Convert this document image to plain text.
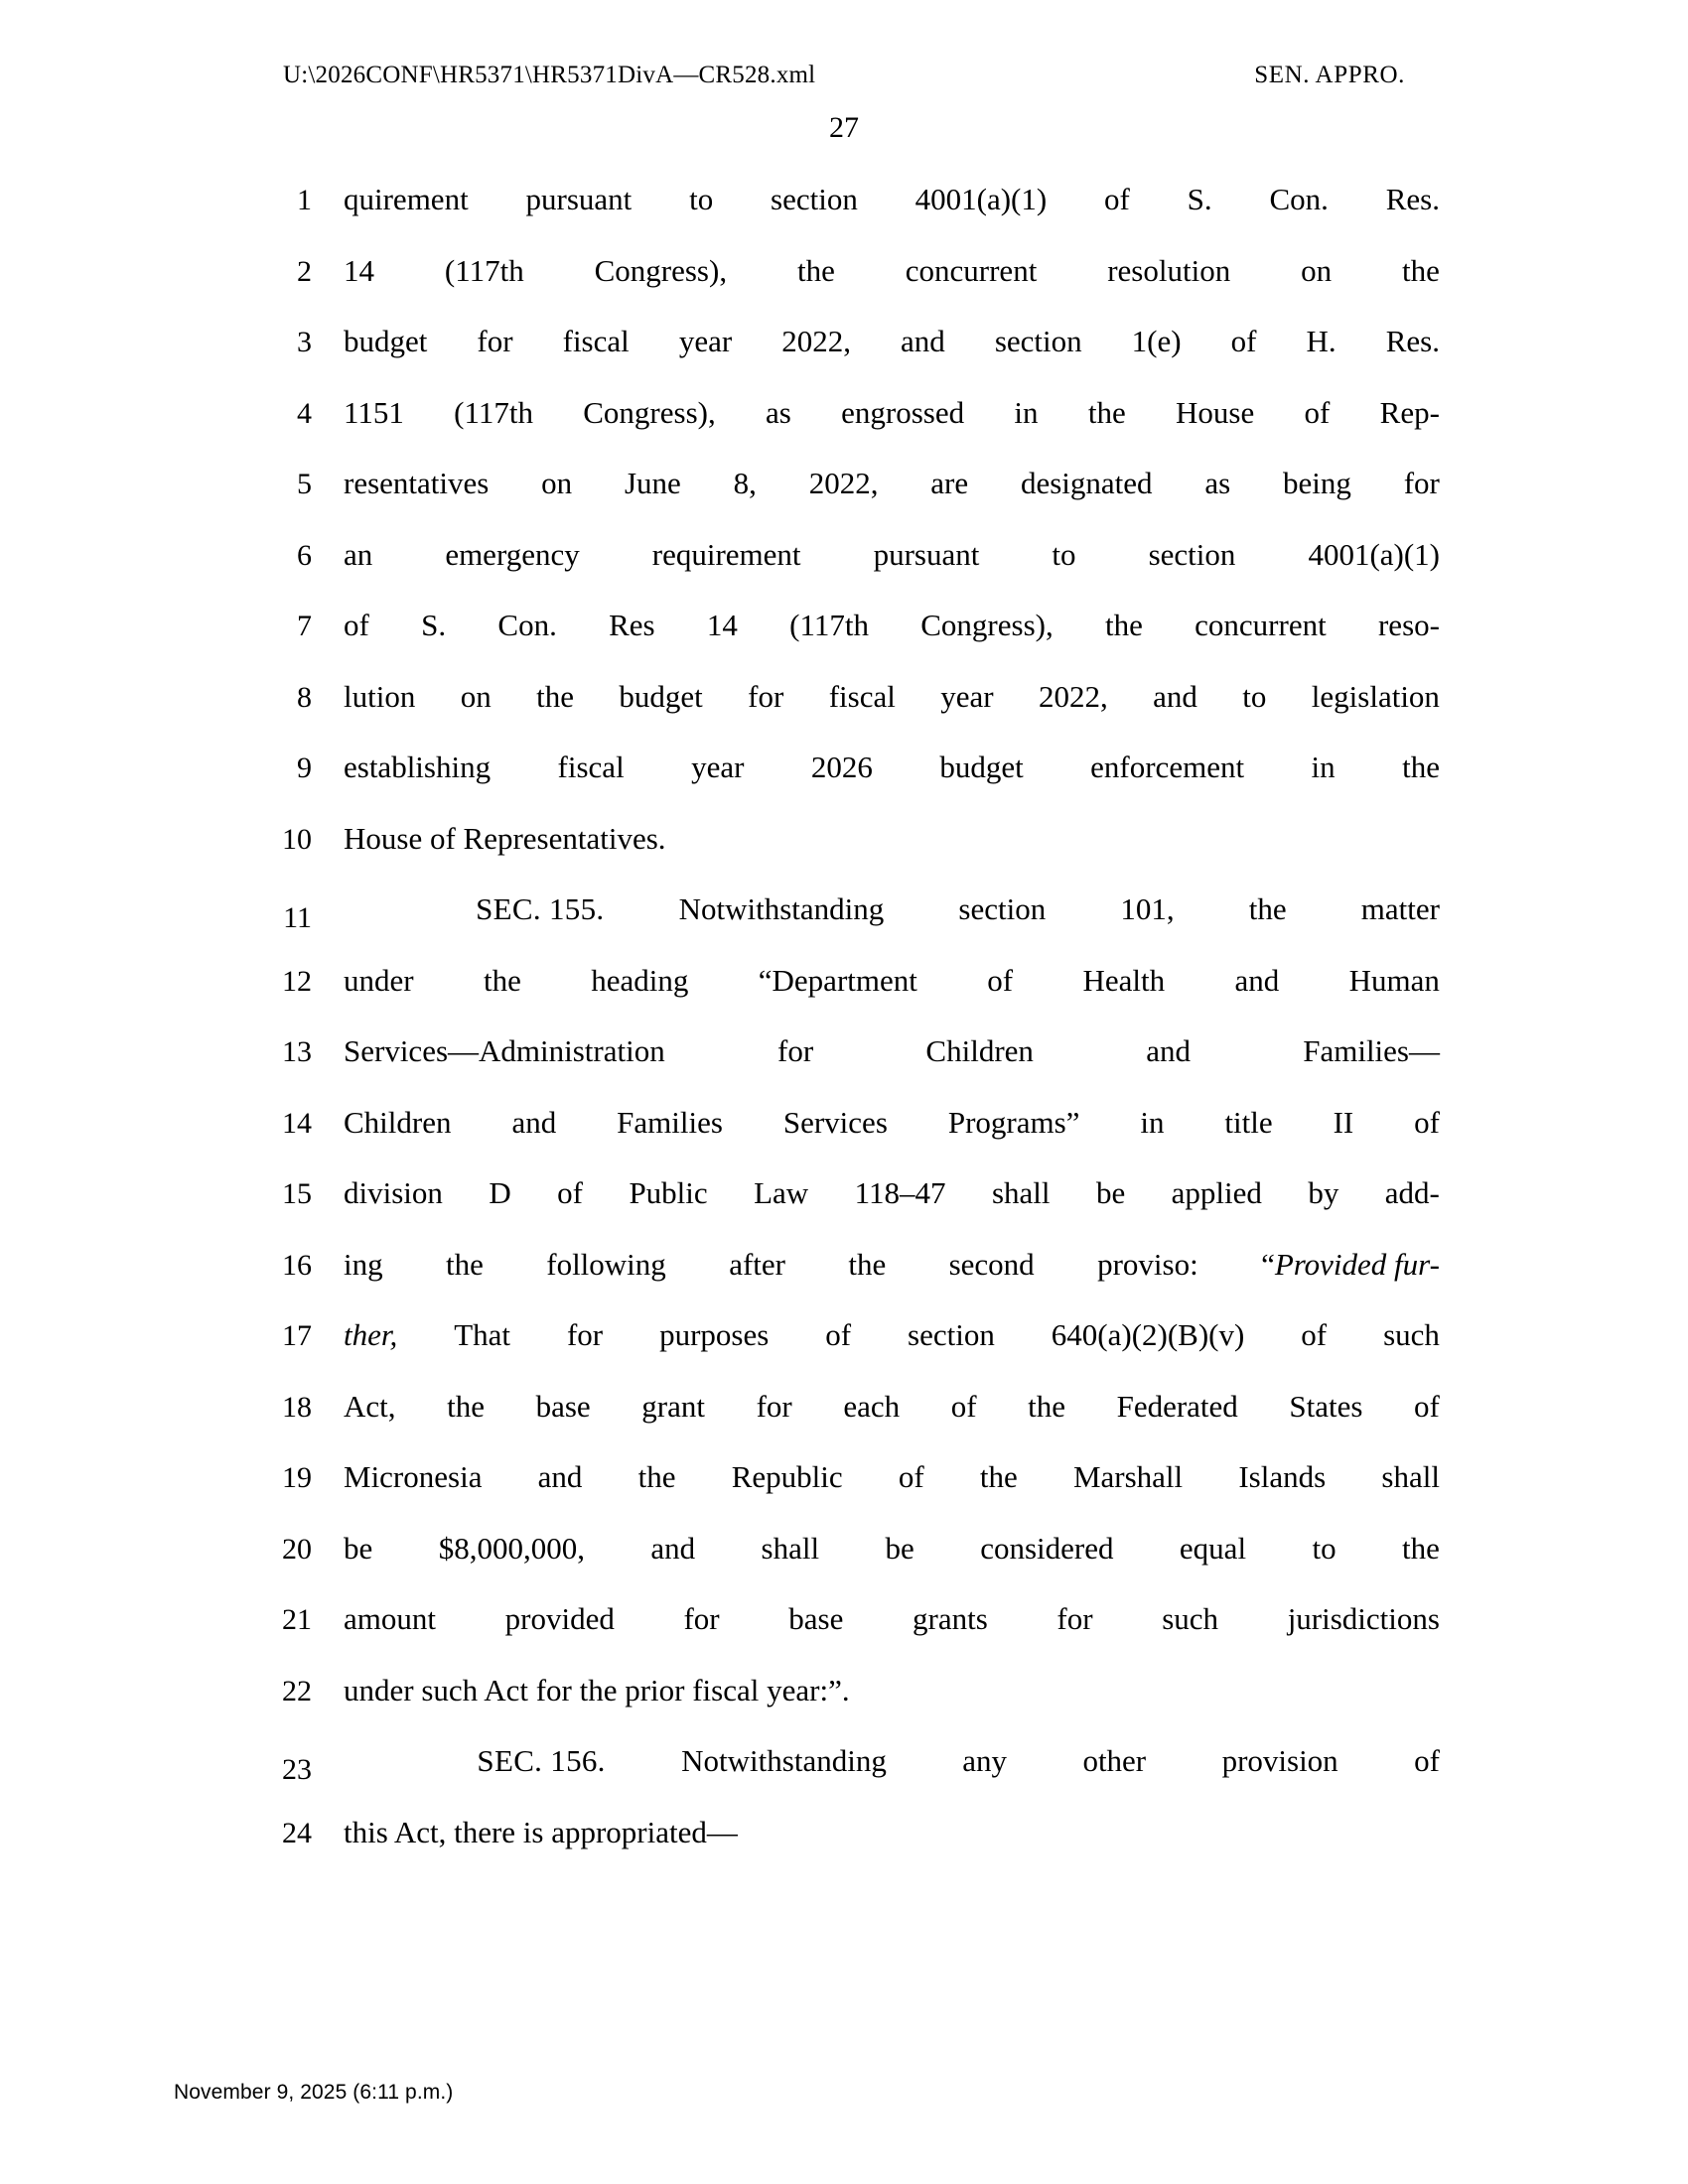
U:\2026CONF\HR5371\HR5371DivA—CR528.xml	SEN. APPRO.
27
1 quirement pursuant to section 4001(a)(1) of S. Con. Res.
2 14 (117th Congress), the concurrent resolution on the
3 budget for fiscal year 2022, and section 1(e) of H. Res.
4 1151 (117th Congress), as engrossed in the House of Rep-
5 resentatives on June 8, 2022, are designated as being for
6 an emergency requirement pursuant to section 4001(a)(1)
7 of S. Con. Res 14 (117th Congress), the concurrent reso-
8 lution on the budget for fiscal year 2022, and to legislation
9 establishing fiscal year 2026 budget enforcement in the
10	House of Representatives.
11	SEC. 155. Notwithstanding section 101, the matter
12 under the heading “Department of Health and Human
13 Services—Administration	for	Children	and	Families—
14 Children and Families Services Programs” in title II of
15 division D of Public Law 118–47 shall be applied by add-
16 ing the following after the second proviso: “Provided fur-
17 ther, That for purposes of section 640(a)(2)(B)(v) of such
18 Act, the base grant for each of the Federated States of
19 Micronesia and the Republic of the Marshall Islands shall
20 be $8,000,000, and shall be considered equal to the
21 amount provided for base grants for such jurisdictions
22	under such Act for the prior fiscal year:”.
23	SEC. 156. Notwithstanding any other provision of
24	this Act, there is appropriated—
November 9, 2025 (6:11 p.m.)
